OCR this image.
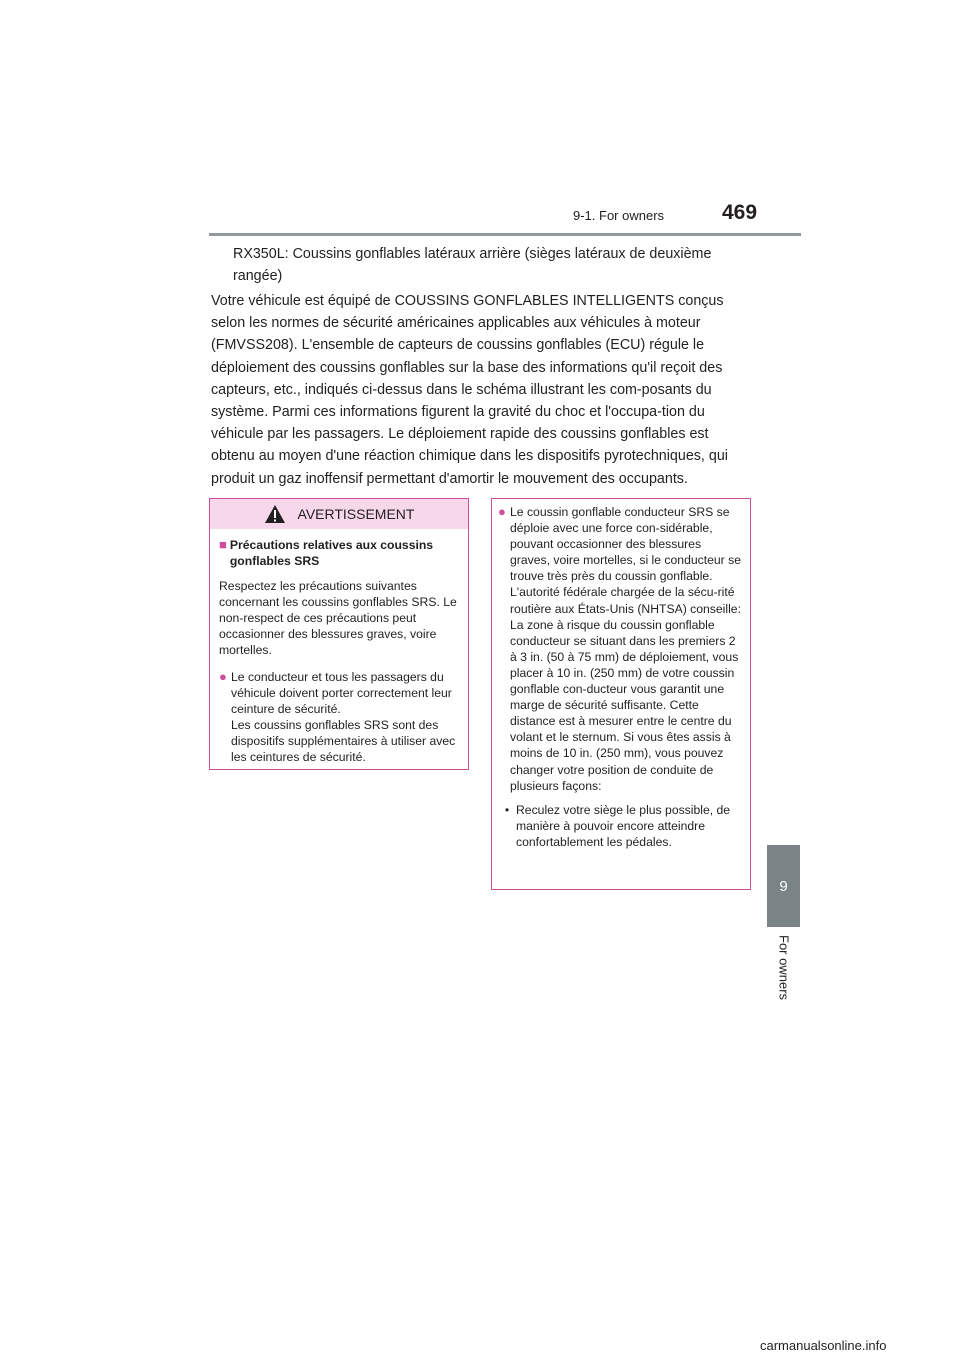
9-1. For owners	469
9
For owners
RX350L: Coussins gonflables latéraux arrière (sièges latéraux de deuxième rangée)
Votre véhicule est équipé de COUSSINS GONFLABLES INTELLIGENTS conçus selon les normes de sécurité américaines applicables aux véhicules à moteur (FMVSS208). L'ensemble de capteurs de coussins gonflables (ECU) régule le déploiement des coussins gonflables sur la base des informations qu'il reçoit des capteurs, etc., indiqués ci-dessus dans le schéma illustrant les com-posants du système. Parmi ces informations figurent la gravité du choc et l'occupa-tion du véhicule par les passagers. Le déploiement rapide des coussins gonflables est obtenu au moyen d'une réaction chimique dans les dispositifs pyrotechniques, qui produit un gaz inoffensif permettant d'amortir le mouvement des occupants.
AVERTISSEMENT
■ Précautions relatives aux coussins gonflables SRS

Respectez les précautions suivantes concernant les coussins gonflables SRS. Le non-respect de ces précautions peut occasionner des blessures graves, voire mortelles.

● Le conducteur et tous les passagers du véhicule doivent porter correctement leur ceinture de sécurité.
Les coussins gonflables SRS sont des dispositifs supplémentaires à utiliser avec les ceintures de sécurité.
● Le coussin gonflable conducteur SRS se déploie avec une force con-sidérable, pouvant occasionner des blessures graves, voire mortelles, si le conducteur se trouve très près du coussin gonflable.
L'autorité fédérale chargée de la sécu-rité routière aux États-Unis (NHTSA) conseille: La zone à risque du coussin gonflable conducteur se situant dans les premiers 2 à 3 in. (50 à 75 mm) de déploiement, vous placer à 10 in. (250 mm) de votre coussin gonflable con-ducteur vous garantit une marge de sécurité suffisante. Cette distance est à mesurer entre le centre du volant et le sternum. Si vous êtes assis à moins de 10 in. (250 mm), vous pouvez changer votre position de conduite de plusieurs façons:
• Reculez votre siège le plus possible, de manière à pouvoir encore atteindre confortablement les pédales.
carmanualsonline.info
